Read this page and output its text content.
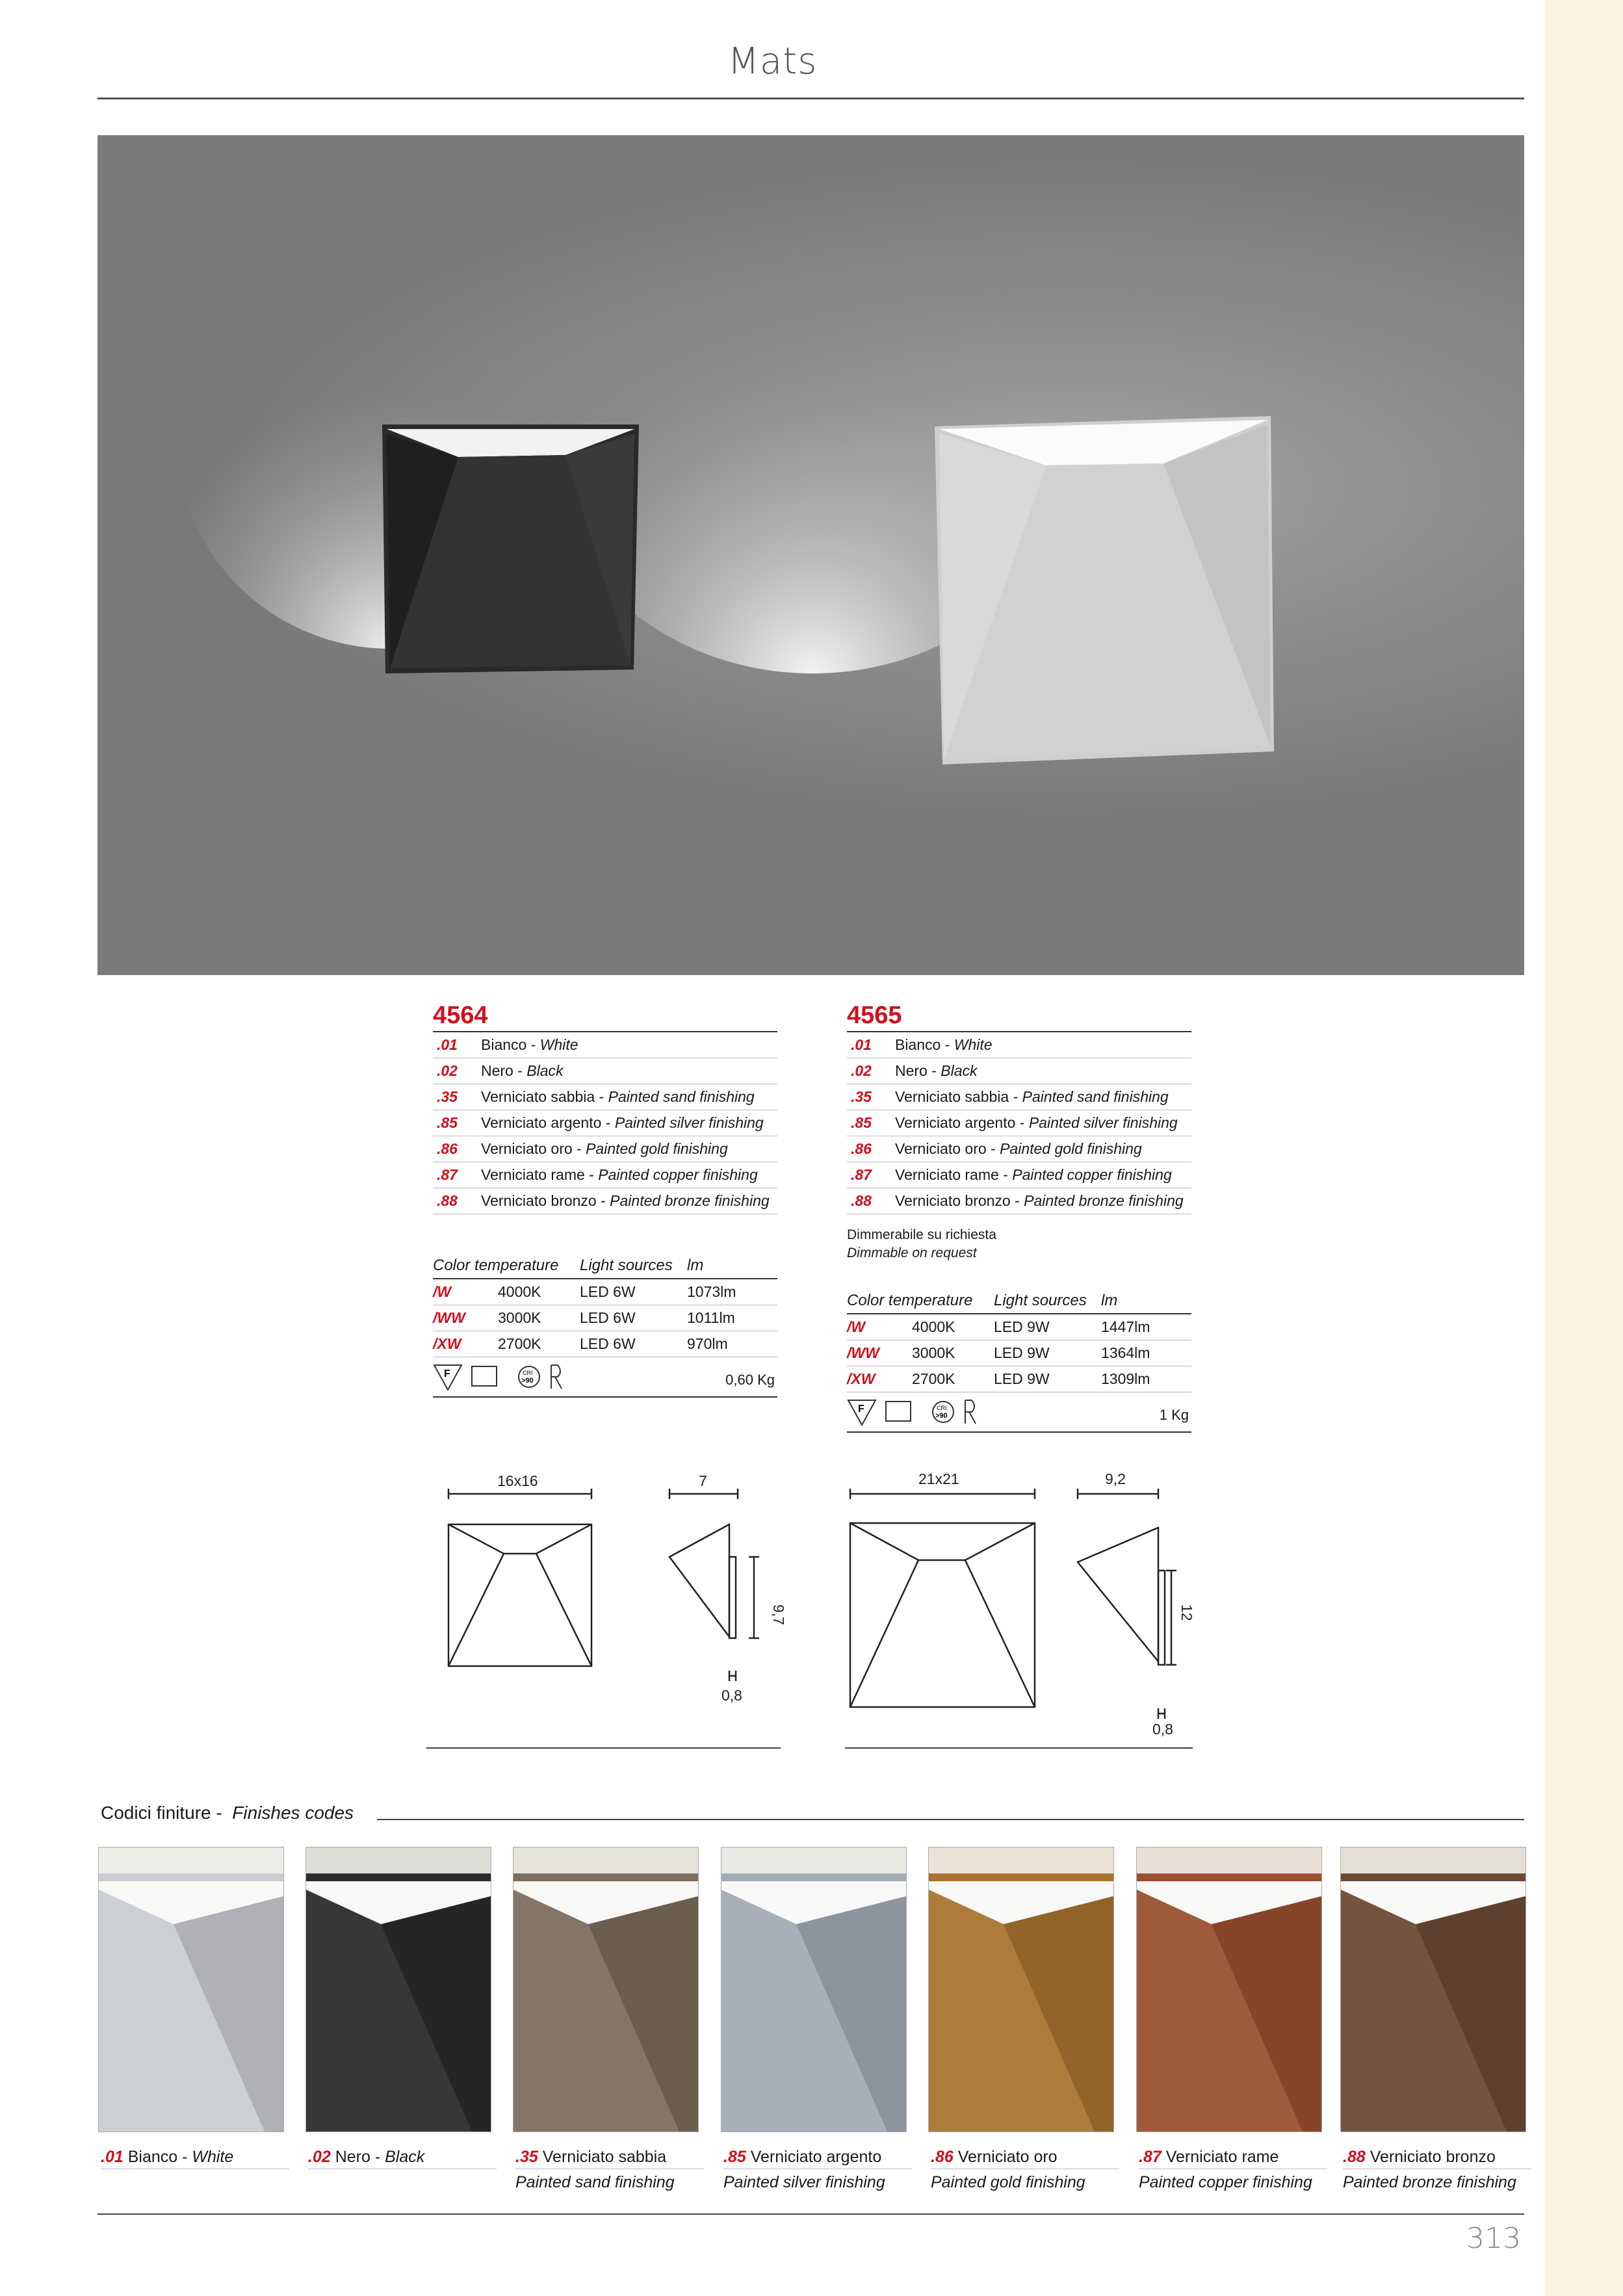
Mats
4564
.01	Bianco -
White
.02	Nero -
Black
.35	Verniciato sabbia -
Painted sand finishing
.85	Verniciato argento -
Painted silver finishing
.86	Verniciato oro -
Painted gold finishing
.87	Verniciato rame -
Painted copper finishing
.88	Verniciato bronzo -
Painted bronze finishing
Color temperature	Light sources lm
/W	4000K	LED 6W	1073lm
/WW	3000K	LED 6W	1011lm
/XW	2700K	LED 6W	970lm
F	CRI
>90	0,60 Kg
4565
.01	Bianco -
White
.02	Nero -
Black
.35	Verniciato sabbia -
Painted sand finishing
.85	Verniciato argento -
Painted silver finishing
.86	Verniciato oro -
Painted gold finishing
.87	Verniciato rame -
Painted copper finishing
.88	Verniciato bronzo -
Painted bronze finishing
Dimmerabile su richiesta
Dimmable on request
Color temperature	Light sources lm
/W	4000K	LED 9W	1447lm
/WW	3000K	LED 9W	1364lm
/XW	2700K	LED 9W	1309lm
F	CRI
>90	1 Kg
16x16	7
9,7
0,8
21x21	9,2
12
0,8
Codici finiture -  Finishes codes
.01 Bianco - White	.02 Nero - Black	.35 Verniciato sabbia
Painted sand finishing
.85 Verniciato argento
Painted silver finishing
.86 Verniciato oro
Painted gold finishing
.87 Verniciato rame
Painted copper finishing
.88 Verniciato bronzo
Painted bronze finishing
313
